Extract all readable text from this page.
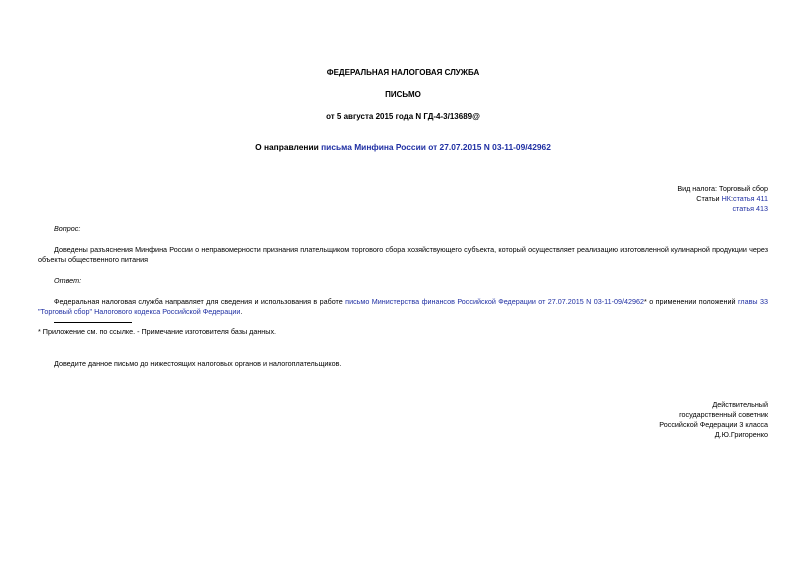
ФЕДЕРАЛЬНАЯ НАЛОГОВАЯ СЛУЖБА
ПИСЬМО
от 5 августа 2015 года N ГД-4-3/13689@
О направлении письма Минфина России от 27.07.2015 N 03-11-09/42962
Вид налога: Торговый сбор
Статьи НК:статья 411
статья 413
Вопрос:
Доведены разъяснения Минфина России о неправомерности признания плательщиком торгового сбора хозяйствующего субъекта, который осуществляет реализацию изготовленной кулинарной продукции через объекты общественного питания
Ответ:
Федеральная налоговая служба направляет для сведения и использования в работе письмо Министерства финансов Российской Федерации от 27.07.2015 N 03-11-09/42962* о применении положений главы 33 "Торговый сбор" Налогового кодекса Российской Федерации.
* Приложение см. по ссылке. - Примечание изготовителя базы данных.
Доведите данное письмо до нижестоящих налоговых органов и налогоплательщиков.
Действительный
государственный советник
Российской Федерации 3 класса
Д.Ю.Григоренко
